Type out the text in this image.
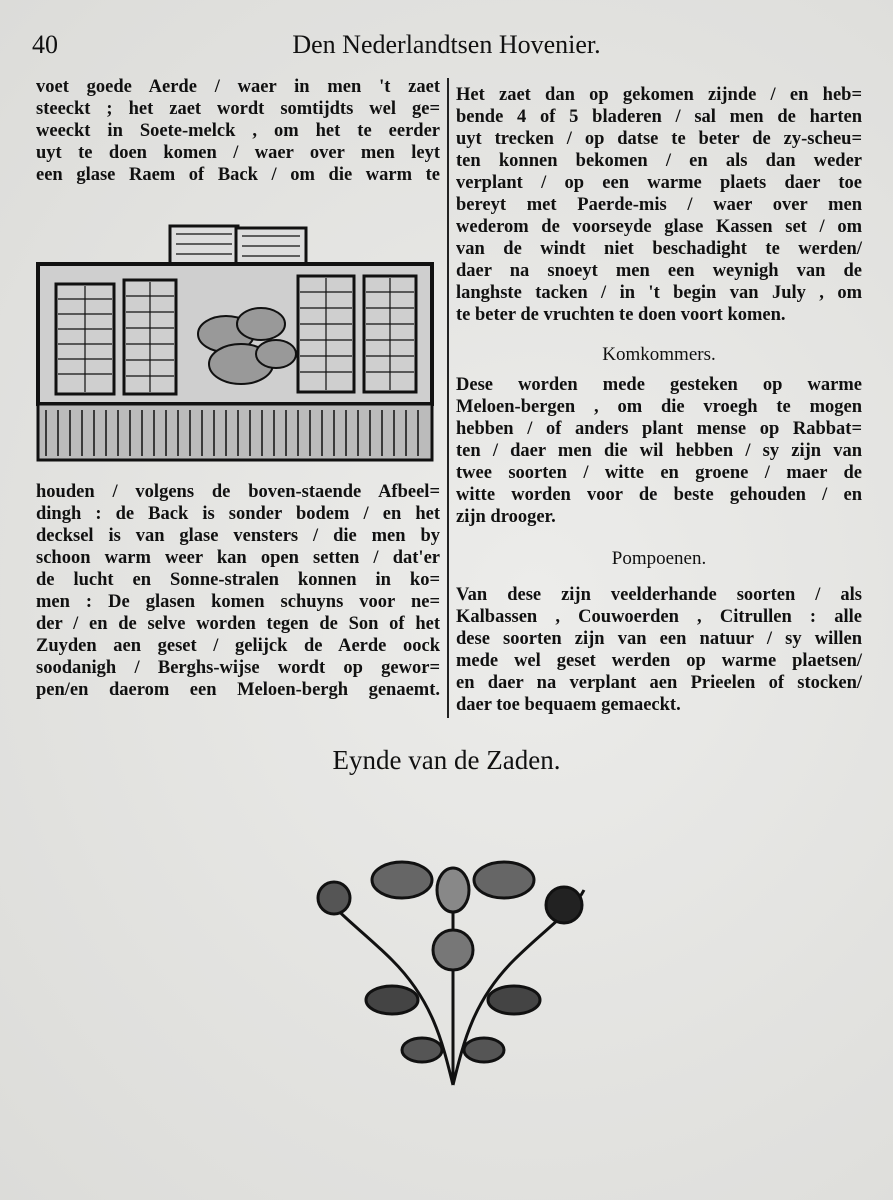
40	Den Nederlandtsen Hovenier.
voet goede Aerde / waer in men 't zaet
steeckt ; het zaet wordt somtijdts wel ge=
weeckt in Soete-melck , om het te eerder
uyt te doen komen / waer over men leyt
een glase Raem of Back / om die warm te
houden / volgens de boven-staende Afbeel=
dingh : de Back is sonder bodem / en het
decksel is van glase vensters / die men by
schoon warm weer kan open setten / dat'er
de lucht en Sonne-stralen konnen in ko=
men : De glasen komen schuyns voor ne=
der / en de selve worden tegen de Son of het
Zuyden aen geset / gelijck de Aerde oock
soodanigh / Berghs-wijse wordt op gewor=
pen/en daerom een Meloen-bergh genaemt.
Het zaet dan op gekomen zijnde / en heb=
bende 4 of 5 bladeren / sal men de harten
uyt trecken / op datse te beter de zy-scheu=
ten konnen bekomen / en als dan weder
verplant / op een warme plaets daer toe
bereyt met Paerde-mis / waer over men
wederom de voorseyde glase Kassen set / om
van de windt niet beschadight te werden/
daer na snoeyt men een weynigh van de
langhste tacken / in 't begin van July , om
te beter de vruchten te doen voort komen.
Komkommers.
Dese worden mede gesteken op warme
Meloen-bergen , om die vroegh te mogen
hebben / of anders plant mense op Rabbat=
ten / daer men die wil hebben / sy zijn van
twee soorten / witte en groene / maer de
witte worden voor de beste gehouden / en
zijn drooger.
Pompoenen.
Van dese zijn veelderhande soorten / als
Kalbassen , Couwoerden , Citrullen : alle
dese soorten zijn van een natuur / sy willen
mede wel geset werden op warme plaetsen/
en daer na verplant aen Prieelen of stocken/
daer toe bequaem gemaeckt.
Eynde van de Zaden.
